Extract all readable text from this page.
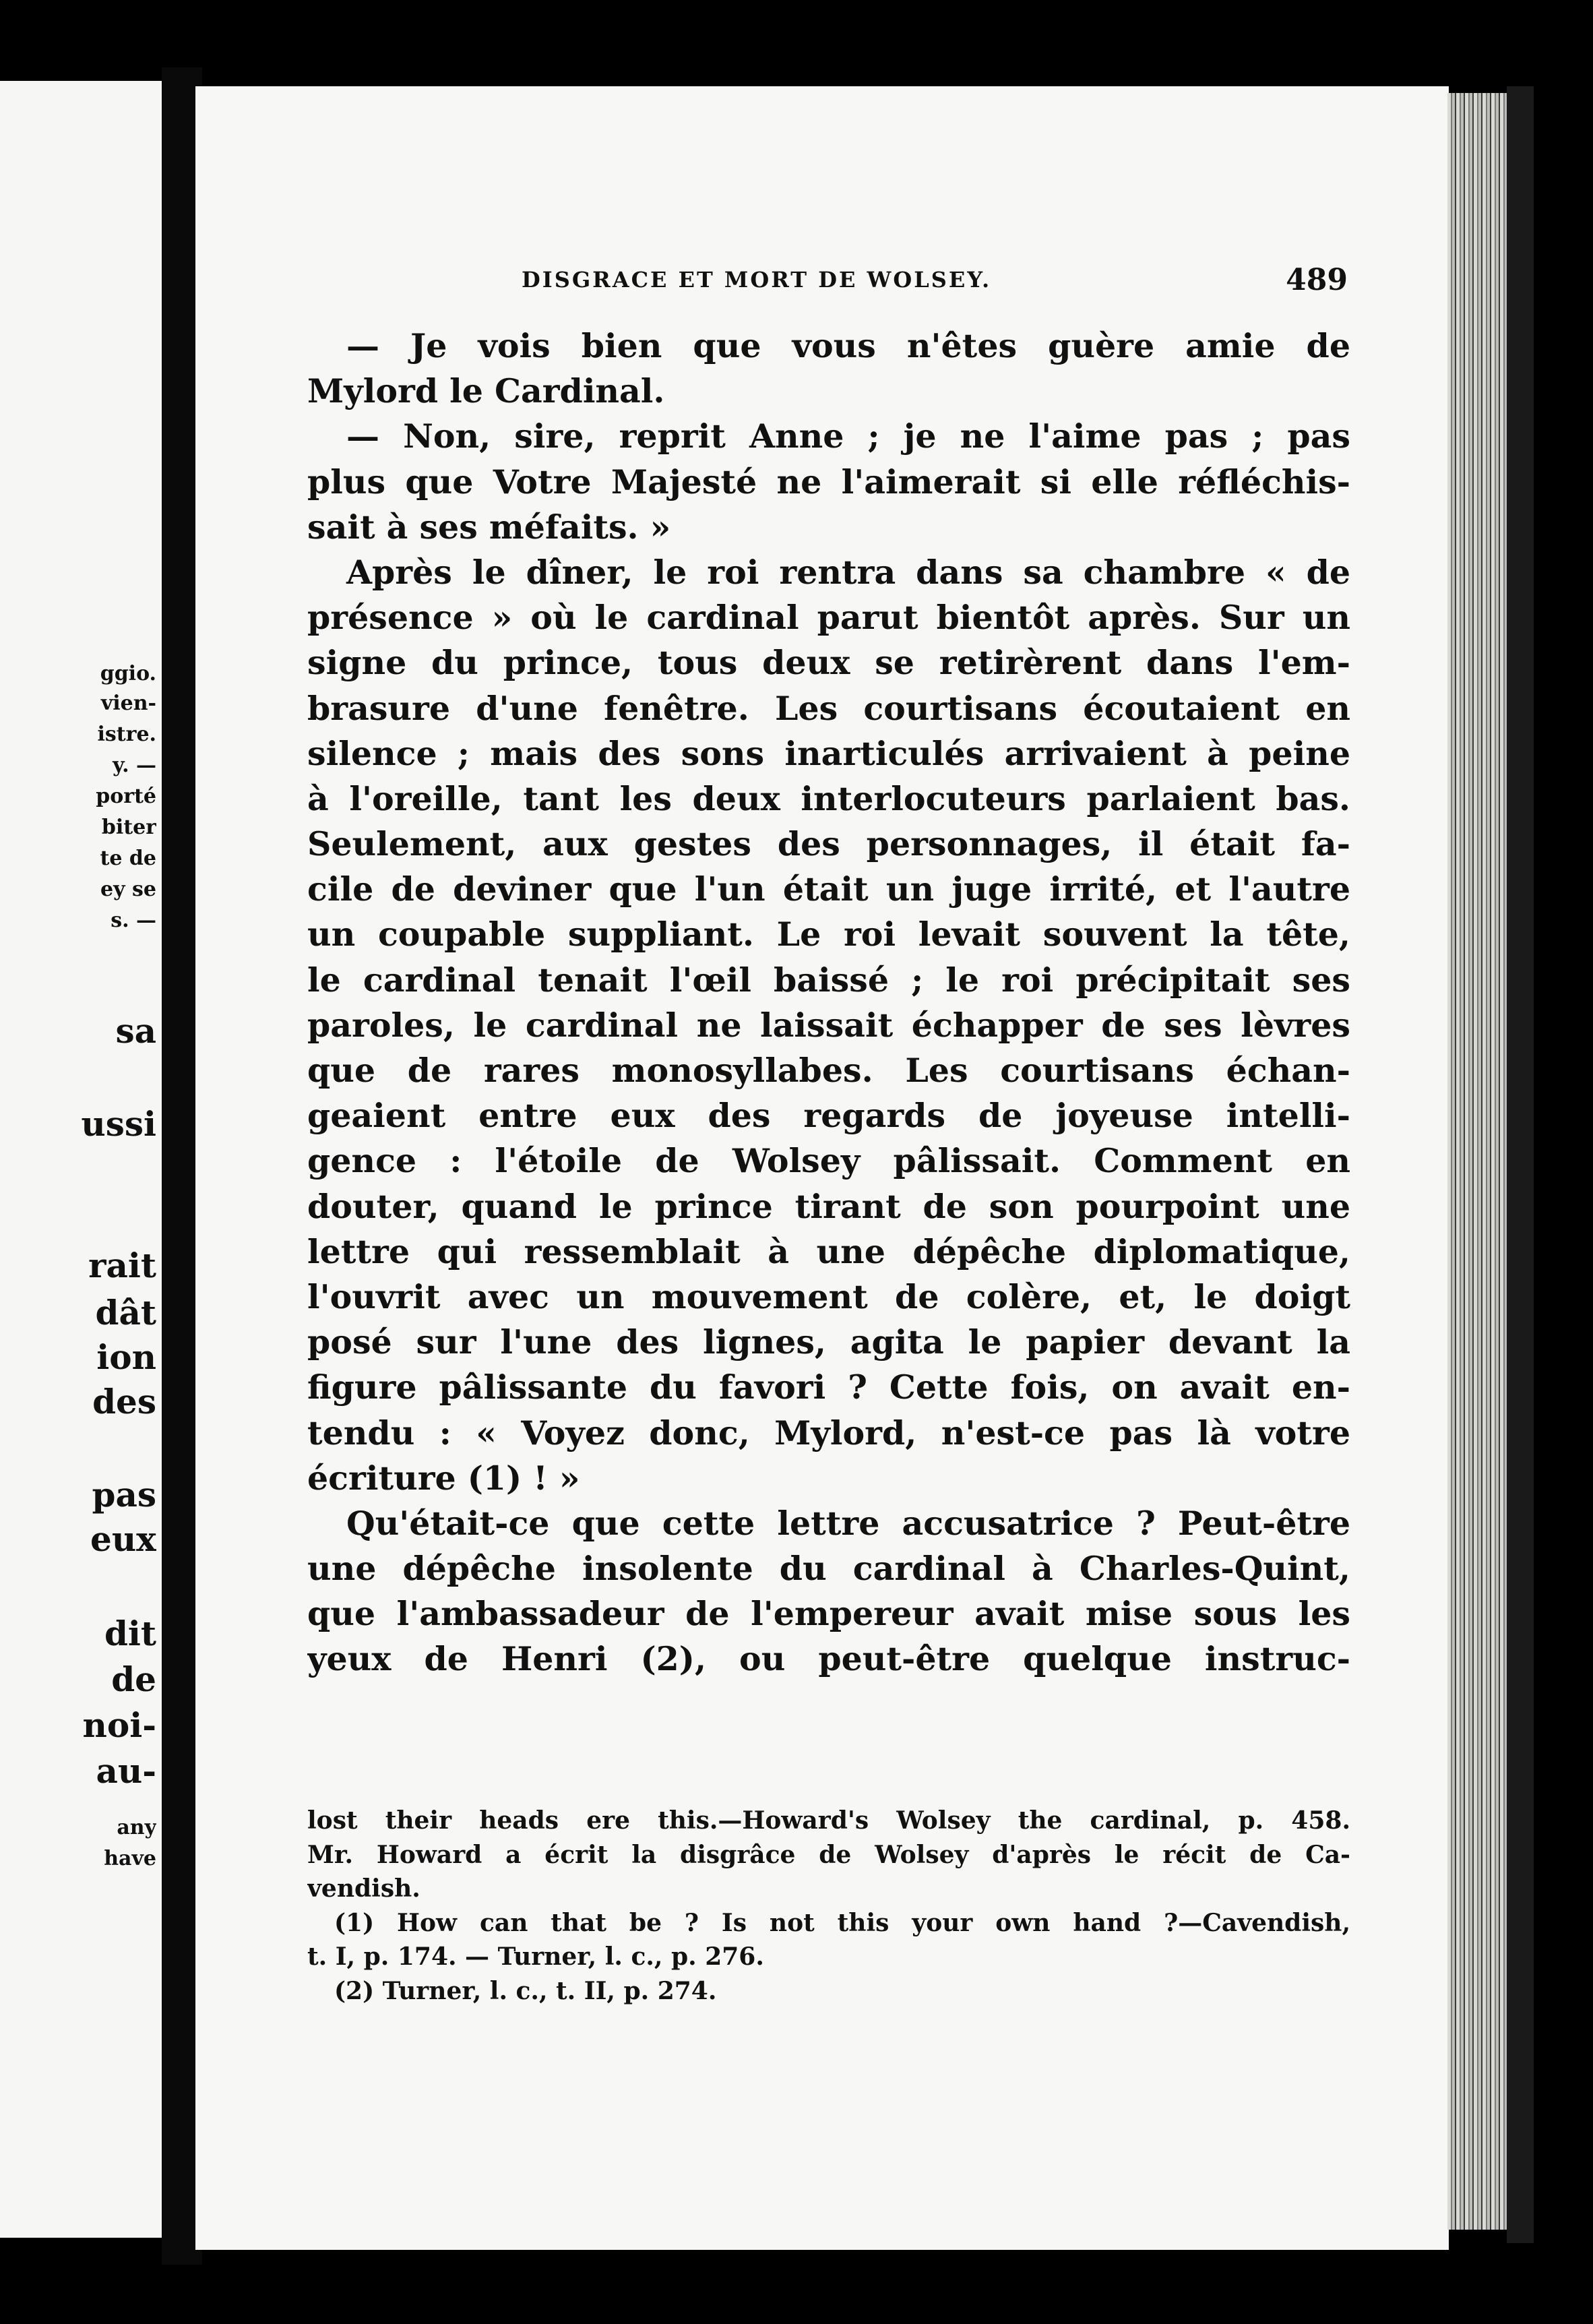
ggio.
vien-
istre.
y. —
porté
biter
te de
ey se
s. —
sa
ussi
rait
dât
ion
des
pas
eux
dit
de
noi-
au-
any
have
DISGRACE ET MORT DE WOLSEY.	489
— Je vois bien que vous n'êtes guère amie de
Mylord le Cardinal.
— Non, sire, reprit Anne ; je ne l'aime pas ; pas
plus que Votre Majesté ne l'aimerait si elle réfléchis-
sait à ses méfaits. »
Après le dîner, le roi rentra dans sa chambre « de
présence » où le cardinal parut bientôt après. Sur un
signe du prince, tous deux se retirèrent dans l'em-
brasure d'une fenêtre. Les courtisans écoutaient en
silence ; mais des sons inarticulés arrivaient à peine
à l'oreille, tant les deux interlocuteurs parlaient bas.
Seulement, aux gestes des personnages, il était fa-
cile de deviner que l'un était un juge irrité, et l'autre
un coupable suppliant. Le roi levait souvent la tête,
le cardinal tenait l'œil baissé ; le roi précipitait ses
paroles, le cardinal ne laissait échapper de ses lèvres
que de rares monosyllabes. Les courtisans échan-
geaient entre eux des regards de joyeuse intelli-
gence : l'étoile de Wolsey pâlissait. Comment en
douter, quand le prince tirant de son pourpoint une
lettre qui ressemblait à une dépêche diplomatique,
l'ouvrit avec un mouvement de colère, et, le doigt
posé sur l'une des lignes, agita le papier devant la
figure pâlissante du favori ? Cette fois, on avait en-
tendu : « Voyez donc, Mylord, n'est-ce pas là votre
écriture (1) ! »
Qu'était-ce que cette lettre accusatrice ? Peut-être
une dépêche insolente du cardinal à Charles-Quint,
que l'ambassadeur de l'empereur avait mise sous les
yeux de Henri (2), ou peut-être quelque instruc-
lost their heads ere this.—Howard's Wolsey the cardinal, p. 458.
Mr. Howard a écrit la disgrâce de Wolsey d'après le récit de Ca-
vendish.
(1) How can that be ? Is not this your own hand ?—Cavendish,
t. I, p. 174. — Turner, l. c., p. 276.
(2) Turner, l. c., t. II, p. 274.
